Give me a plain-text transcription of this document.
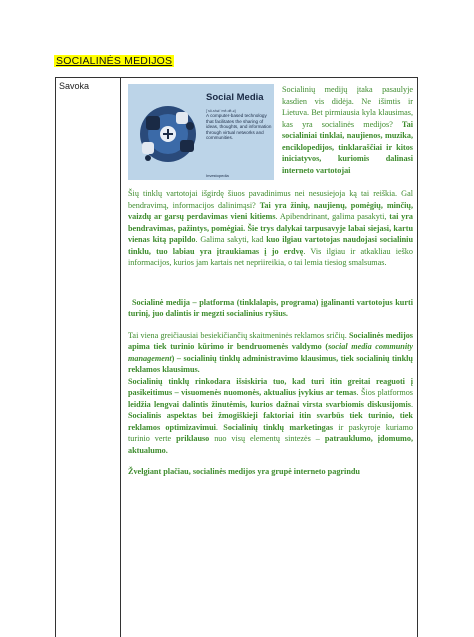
SOCIALINĖS MEDIJOS
Savoka
Social Media
[ˈsō-shəl ˈmē-dē-ə]
A computer-based technology that facilitates the sharing of ideas, thoughts, and information through virtual networks and communities.
Investopedia

Socialinių medijų įtaka pasaulyje kasdien vis didėja. Ne išimtis ir Lietuva. Bet pirmiausia kyla klausimas, kas yra socialinės medijos? Tai socialiniai tinklai, naujienos, muzika, enciklopedijos, tinklaraščiai ir kitos iniciatyvos, kuriomis dalinasi interneto vartotojai

Šių tinklų vartotojai išgirdę šiuos pavadinimus nei nesusiejoja ką tai reiškia. Gal bendravimą, informacijos dalinimąsi? Tai yra žinių, naujienų, pomėgių, minčių, vaizdų ar garsų perdavimas vieni kitiems. Apibendrinant, galima pasakyti, tai yra bendravimas, pažintys, pomėgiai. Šie trys dalykai tarpusavyje labai siejasi, kartu vienas kitą papildo. Galima sakyti, kad kuo ilgiau vartotojas naudojasi socialiniu tinklu, tuo labiau yra įtraukiamas į jo erdvę. Vis ilgiau ir atkakliau ieško informacijos, kurios jam kartais net nepriireikia, o tai lemia tiesiog smalsumas.

Socialinė medija – platforma (tinklalapis, programa) įgalinanti vartotojus kurti turinį, juo dalintis ir megzti socialinius ryšius.

Tai viena greičiausiai besiekičiančių skaitmeninės reklamos sričių. Socialinės medijos apima tiek turinio kūrimo ir bendruomenės valdymo (social media community management) – socialinių tinklų administravimo klausimus, tiek socialinių tinklų reklamos klausimus.

Socialinių tinklų rinkodara išsiskiria tuo, kad turi itin greitai reaguoti į pasikeitimus – visuomenės nuomonės, aktualius įvykius ar temas. Šios platformos leidžia lengvai dalintis žinutėmis, kurios dažnai virsta svarbiomis diskusijomis. Socialinis aspektas bei žmogiškieji faktoriai itin svarbūs tiek turinio, tiek reklamos optimizavimui. Socialinių tinklų marketingas ir paskyroje kuriamo turinio verte priklauso nuo visų elementų sintezės – patrauklumo, įdomumo, aktualumo.

Žvelgiant plačiau, socialinės medijos yra grupė interneto pagrindu
